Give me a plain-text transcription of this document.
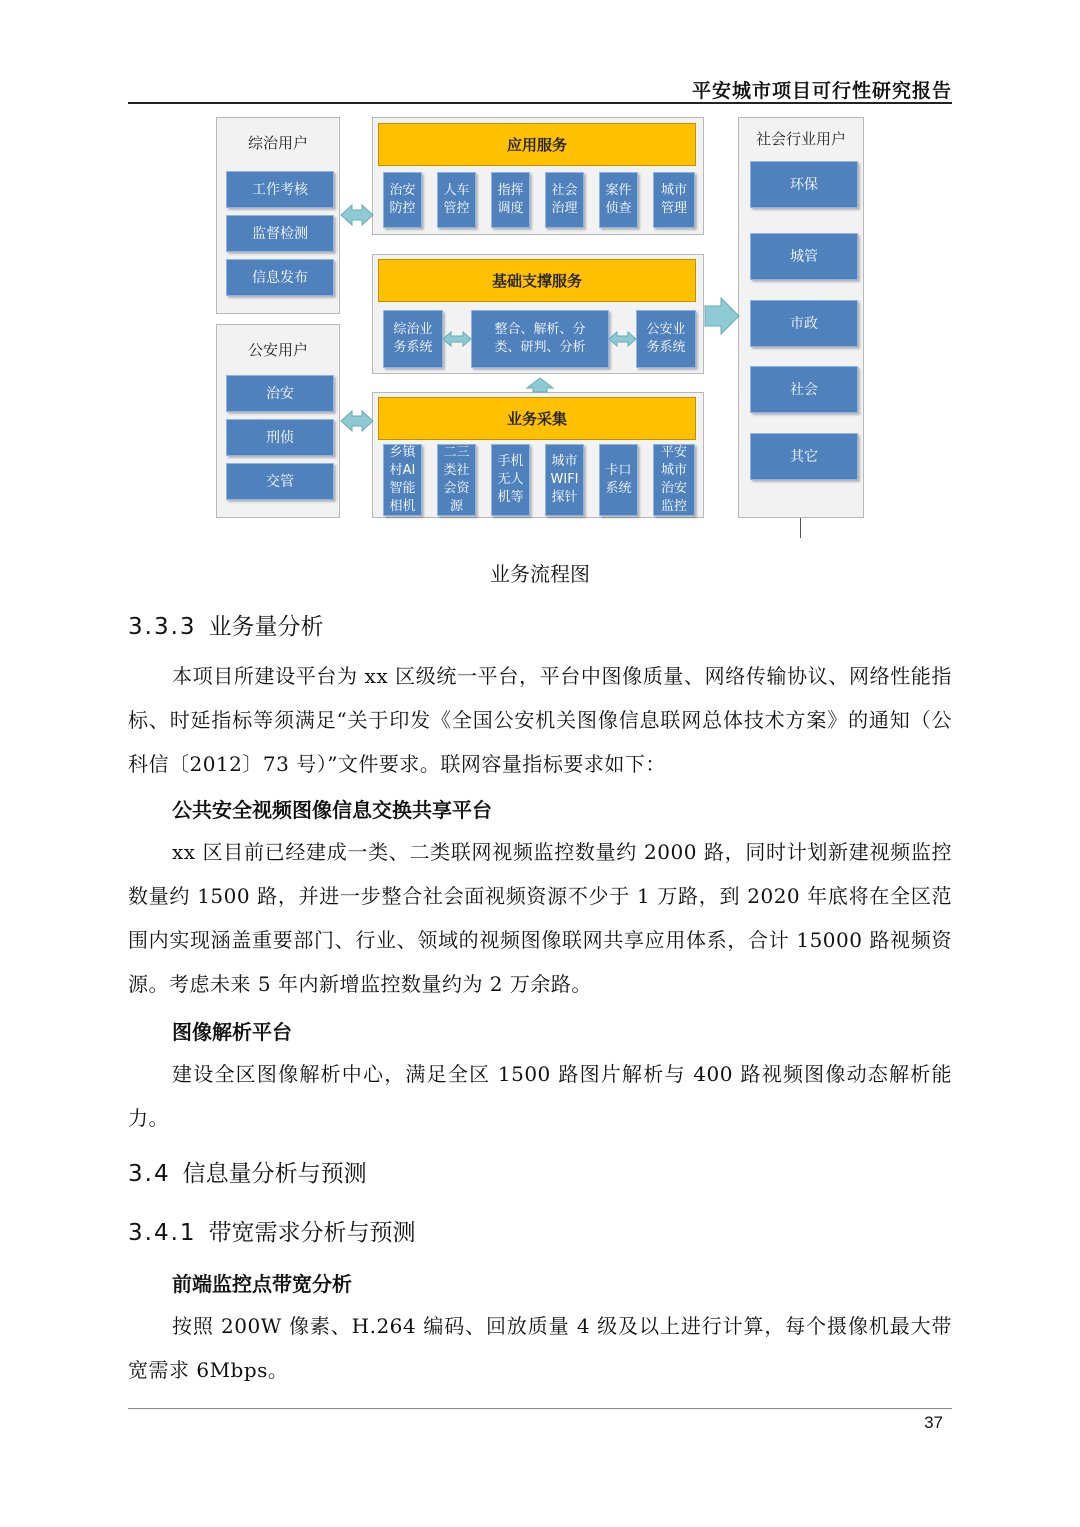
平安城市项目可行性研究报告
综治用户
工作考核
监督检测
信息发布
公安用户
治安
刑侦
交管
应用服务
治安
防控
人车
管控
指挥
调度
社会
治理
案件
侦查
城市
管理
基础支撑服务
综治业
务系统
整合、解析、分
类、研判、分析
公安业
务系统
业务采集
乡镇
村AI
智能
相机
二三
类社
会资
源
手机
无人
机等
城市
WIFI
探针
卡口
系统
平安
城市
治安
监控
社会行业用户
环保
城管
市政
社会
其它
业务流程图
3.3.3 业务量分析
本项目所建设平台为 xx 区级统一平台，平台中图像质量、网络传输协议、网络性能指标、时延指标等须满足“关于印发《全国公安机关图像信息联网总体技术方案》的通知（公科信〔2012〕73 号）”文件要求。联网容量指标要求如下：
公共安全视频图像信息交换共享平台
xx 区目前已经建成一类、二类联网视频监控数量约 2000 路，同时计划新建视频监控数量约 1500 路，并进一步整合社会面视频资源不少于 1 万路，到 2020 年底将在全区范围内实现涵盖重要部门、行业、领域的视频图像联网共享应用体系，合计 15000 路视频资源。考虑未来 5 年内新增监控数量约为 2 万余路。
图像解析平台
建设全区图像解析中心，满足全区 1500 路图片解析与 400 路视频图像动态解析能力。
3.4 信息量分析与预测
3.4.1 带宽需求分析与预测
前端监控点带宽分析
按照 200W 像素、H.264 编码、回放质量 4 级及以上进行计算，每个摄像机最大带宽需求 6Mbps。
37
